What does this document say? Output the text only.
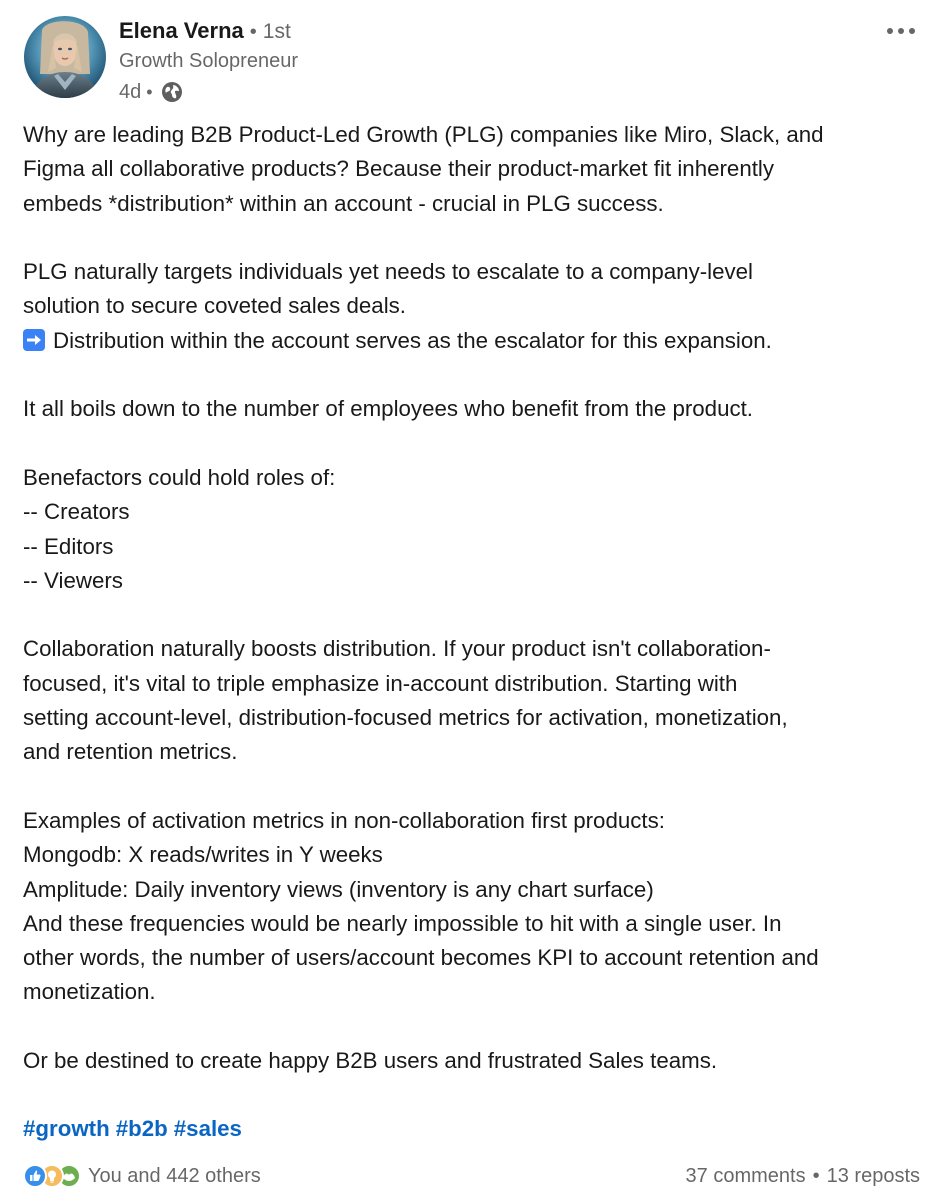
Elena Verna • 1st
Growth Solopreneur
4d •
Why are leading B2B Product-Led Growth (PLG) companies like Miro, Slack, and
Figma all collaborative products? Because their product-market fit inherently
embeds *distribution* within an account - crucial in PLG success.
PLG naturally targets individuals yet needs to escalate to a company-level
solution to secure coveted sales deals.
Distribution within the account serves as the escalator for this expansion.
It all boils down to the number of employees who benefit from the product.
Benefactors could hold roles of:
-- Creators
-- Editors
-- Viewers
Collaboration naturally boosts distribution. If your product isn't collaboration-
focused, it's vital to triple emphasize in-account distribution. Starting with
setting account-level, distribution-focused metrics for activation, monetization,
and retention metrics.
Examples of activation metrics in non-collaboration first products:
Mongodb: X reads/writes in Y weeks
Amplitude: Daily inventory views (inventory is any chart surface)
And these frequencies would be nearly impossible to hit with a single user. In
other words, the number of users/account becomes KPI to account retention and
monetization.
Or be destined to create happy B2B users and frustrated Sales teams.
#growth #b2b #sales
You and 442 others	37 comments • 13 reposts
